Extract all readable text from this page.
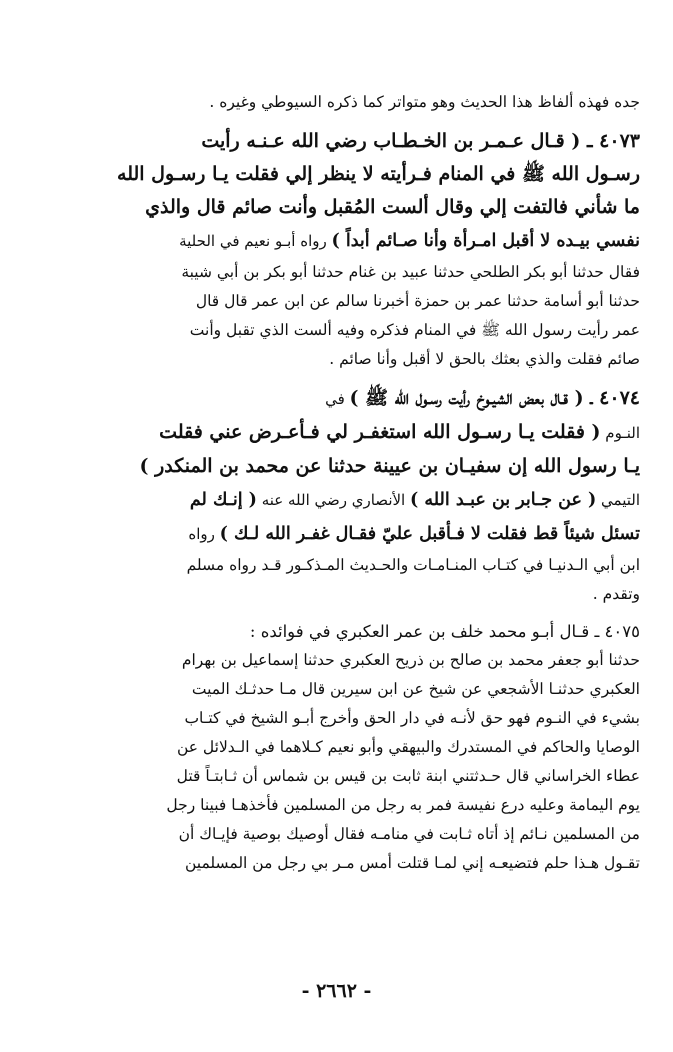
جده فهذه ألفاظ هذا الحديث وهو متواتر كما ذكره السيوطي وغيره .
٤٠٧٣ ـ ( قـال عـمـر بن الخـطـاب رضي الله عـنـه رأيت
رسـول الله ﷺ في المنام فـرأيته لا ينظر إلي فقلت يـا رسـول الله
ما شأني فالتفت إلي وقال ألست المُقبل وأنت صائم قال والذي
نفسي بيـده لا أقبل امـرأة وأنا صـائم أبداً ) رواه أبـو نعيم في الحلية
فقال حدثنا أبو بكر الطلحي حدثنا عبيد بن غنام حدثنا أبو بكر بن أبي شيبة
حدثنا أبو أسامة حدثنا عمر بن حمزة أخبرنا سالم عن ابن عمر قال قال
عمر رأيت رسول الله ﷺ في المنام فذكره وفيه ألست الذي تقبل وأنت
صائم فقلت والذي بعثك بالحق لا أقبل وأنا صائم .
٤٠٧٤ ـ ( قـال بعض الشيـوخ رأيت رسـول الله ﷺ ) في
النـوم ( فقلت يـا رسـول الله استغفـر لي فـأعـرض عني فقلت
يـا رسول الله إن سفيـان بن عيينة حدثنا عن محمد بن المنكدر )
التيمي ( عن جـابر بن عبـد الله ) الأنصاري رضي الله عنه ( إنـك لم
تسئل شيئاً قط فقلت لا فـأقبل عليّ فقـال غفـر الله لـك ) رواه
ابن أبي الـدنيـا في كتـاب المنـامـات والحـديث المـذكـور قـد رواه مسلم
وتقدم .
٤٠٧٥ ـ قـال أبـو محمد خلف بن عمر العكبري في فوائده :
حدثنا أبو جعفر محمد بن صالح بن ذريح العكبري حدثنا إسماعيل بن بهرام
العكبري حدثنـا الأشجعي عن شيخ عن ابن سيرين قال مـا حدثـك الميت
بشيء في النـوم فهو حق لأنـه في دار الحق وأخرج أبـو الشيخ في كتـاب
الوصايا والحاكم في المستدرك والبيهقي وأبو نعيم كـلاهما في الـدلائل عن
عطاء الخراساني قال حـدثتني ابنة ثابت بن قيس بن شماس أن ثـابتـاً قتل
يوم اليمامة وعليه درع نفيسة فمر به رجل من المسلمين فأخذهـا فبينا رجل
من المسلمين نـائم إذ أتاه ثـابت في منامـه فقال أوصيك بوصية فإيـاك أن
تقـول هـذا حلم فتضيعـه إني لمـا قتلت أمس مـر بي رجل من المسلمين
- ٢٦٦٢ -
